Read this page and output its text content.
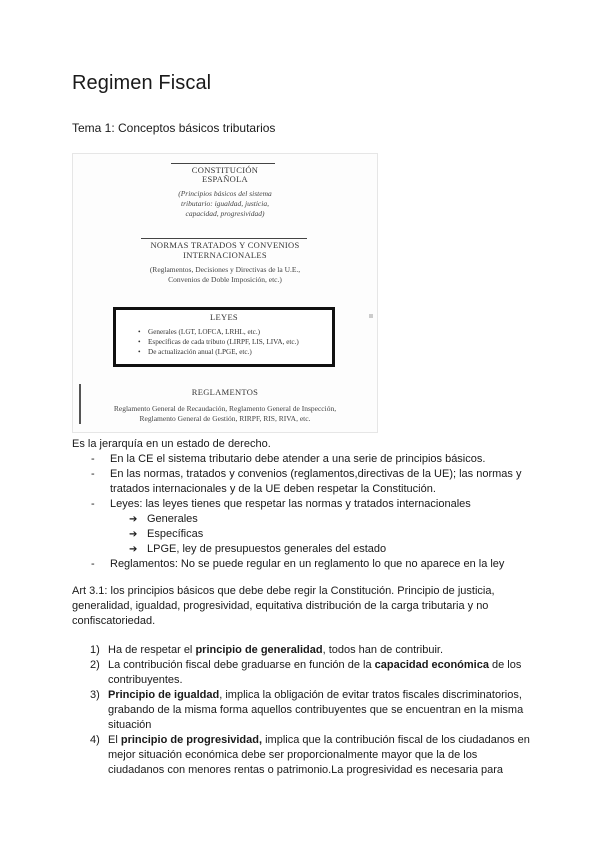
Regimen Fiscal
Tema 1: Conceptos básicos tributarios
CONSTITUCIÓN
ESPAÑOLA
(Principios básicos del sistema
tributario: igualdad, justicia,
capacidad, progresividad)
NORMAS TRATADOS Y CONVENIOS
INTERNACIONALES
(Reglamentos, Decisiones y Directivas de la U.E.,
Convenios de Doble Imposición, etc.)
LEYES
• Generales (LGT, LOFCA, LRHL, etc.)
• Específicas de cada tributo (LIRPF, LIS, LIVA, etc.)
• De actualización anual (LPGE, etc.)
REGLAMENTOS
Reglamento General de Recaudación, Reglamento General de Inspección,
Reglamento General de Gestión, RIRPF, RIS, RIVA, etc.

Es la jerarquía en un estado de derecho.

- En la CE el sistema tributario debe atender a una serie de principios básicos.
- En las normas, tratados y convenios (reglamentos,directivas de la UE); las normas y tratados internacionales y de la UE deben respetar la Constitución.
- Leyes: las leyes tienes que respetar las normas y tratados internacionales
➔ Generales
➔ Específicas
➔ LPGE, ley de presupuestos generales del estado
- Reglamentos: No se puede regular en un reglamento lo que no aparece en la ley

Art 3.1: los principios básicos que debe debe regir la Constitución. Principio de justicia, generalidad, igualdad, progresividad, equitativa distribución de la carga tributaria y no confiscatoriedad.

1) Ha de respetar el principio de generalidad, todos han de contribuir.
2) La contribución fiscal debe graduarse en función de la capacidad económica de los contribuyentes.
3) Principio de igualdad, implica la obligación de evitar tratos fiscales discriminatorios, grabando de la misma forma aquellos contribuyentes que se encuentran en la misma situación
4) El principio de progresividad, implica que la contribución fiscal de los ciudadanos en mejor situación económica debe ser proporcionalmente mayor que la de los ciudadanos con menores rentas o patrimonio.La progresividad es necesaria para
